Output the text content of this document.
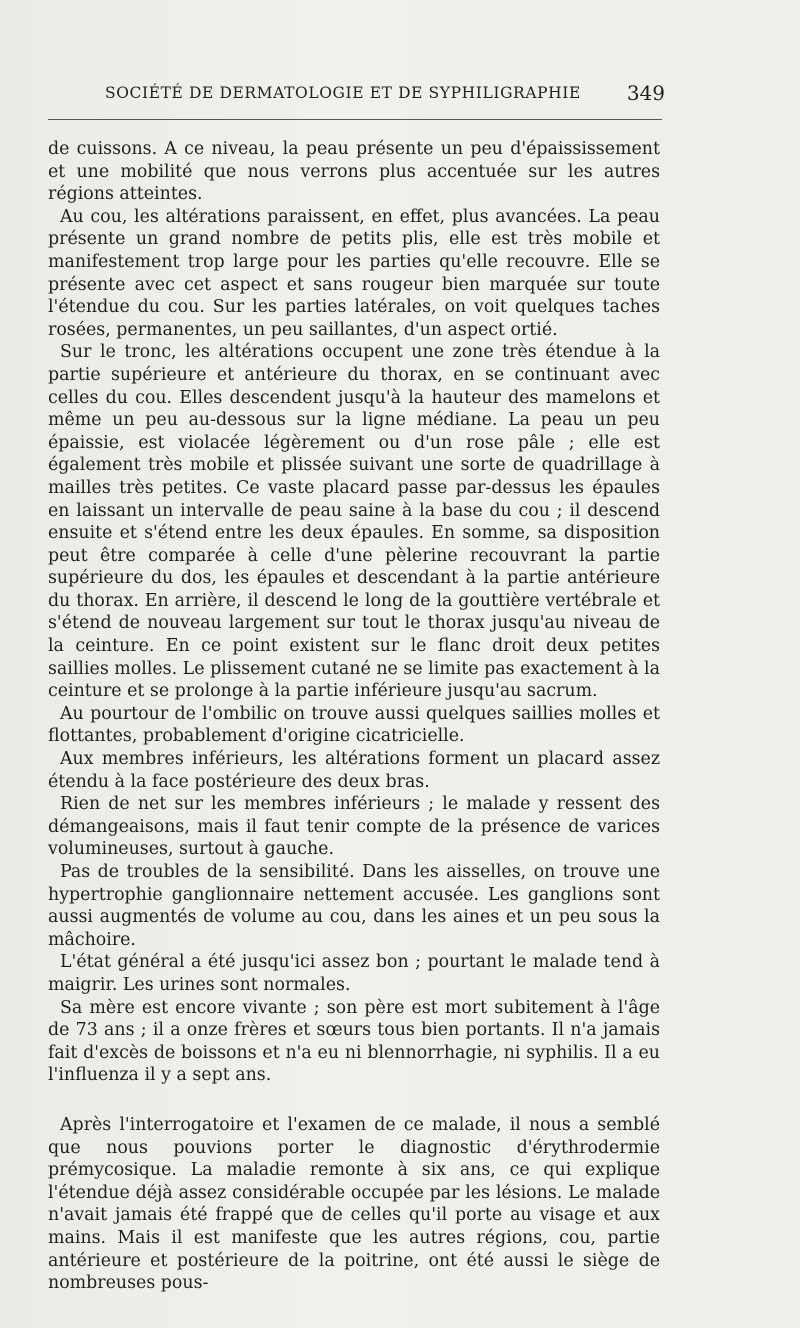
SOCIÉTÉ DE DERMATOLOGIE ET DE SYPHILIGRAPHIE 349

de cuissons. A ce niveau, la peau présente un peu d'épaississement et une mobilité que nous verrons plus accentuée sur les autres régions atteintes.

Au cou, les altérations paraissent, en effet, plus avancées. La peau présente un grand nombre de petits plis, elle est très mobile et manifestement trop large pour les parties qu'elle recouvre. Elle se présente avec cet aspect et sans rougeur bien marquée sur toute l'étendue du cou. Sur les parties latérales, on voit quelques taches rosées, permanentes, un peu saillantes, d'un aspect ortié.

Sur le tronc, les altérations occupent une zone très étendue à la partie supérieure et antérieure du thorax, en se continuant avec celles du cou. Elles descendent jusqu'à la hauteur des mamelons et même un peu au-dessous sur la ligne médiane. La peau un peu épaissie, est violacée légèrement ou d'un rose pâle ; elle est également très mobile et plissée suivant une sorte de quadrillage à mailles très petites. Ce vaste placard passe par-dessus les épaules en laissant un intervalle de peau saine à la base du cou ; il descend ensuite et s'étend entre les deux épaules. En somme, sa disposition peut être comparée à celle d'une pèlerine recouvrant la partie supérieure du dos, les épaules et descendant à la partie antérieure du thorax. En arrière, il descend le long de la gouttière vertébrale et s'étend de nouveau largement sur tout le thorax jusqu'au niveau de la ceinture. En ce point existent sur le flanc droit deux petites saillies molles. Le plissement cutané ne se limite pas exactement à la ceinture et se prolonge à la partie inférieure jusqu'au sacrum.

Au pourtour de l'ombilic on trouve aussi quelques saillies molles et flottantes, probablement d'origine cicatricielle.

Aux membres inférieurs, les altérations forment un placard assez étendu à la face postérieure des deux bras.

Rien de net sur les membres inférieurs ; le malade y ressent des démangeaisons, mais il faut tenir compte de la présence de varices volumineuses, surtout à gauche.

Pas de troubles de la sensibilité. Dans les aisselles, on trouve une hypertrophie ganglionnaire nettement accusée. Les ganglions sont aussi augmentés de volume au cou, dans les aines et un peu sous la mâchoire.

L'état général a été jusqu'ici assez bon ; pourtant le malade tend à maigrir. Les urines sont normales.

Sa mère est encore vivante ; son père est mort subitement à l'âge de 73 ans ; il a onze frères et sœurs tous bien portants. Il n'a jamais fait d'excès de boissons et n'a eu ni blennorrhagie, ni syphilis. Il a eu l'influenza il y a sept ans.

Après l'interrogatoire et l'examen de ce malade, il nous a semblé que nous pouvions porter le diagnostic d'érythrodermie prémycosique. La maladie remonte à six ans, ce qui explique l'étendue déjà assez considérable occupée par les lésions. Le malade n'avait jamais été frappé que de celles qu'il porte au visage et aux mains. Mais il est manifeste que les autres régions, cou, partie antérieure et postérieure de la poitrine, ont été aussi le siège de nombreuses pous-
